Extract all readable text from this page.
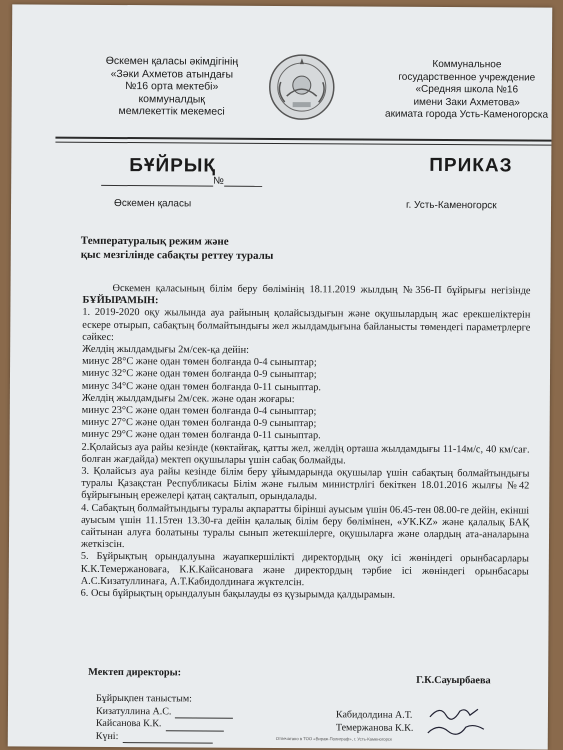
Өскемен қаласы әкімдігінің
«Зәки Ахметов атындағы
№16 орта мектебі»
коммуналдық
мемлекеттік мекемесі
Коммунальное
государственное учреждение
«Средняя школа №16
имени Заки Ахметова»
акимата города Усть-Каменогорска
БҰЙРЫҚ	ПРИКАЗ
№
Өскемен қаласы	г. Усть-Каменогорск
Температуралық режим және
қыс мезгілінде сабақты реттеу туралы

Өскемен қаласының білім беру бөлімінің 18.11.2019 жылдың №356-П бұйрығы негізінде БҰЙЫРАМЫН:

1. 2019-2020 оқу жылында ауа райының қолайсыздығын және оқушылардың жас ерекшеліктерін ескере отырып, сабақтың болмайтындығы жел жылдамдығына байланысты төмендегі параметрлерге сәйкес:

Желдің жылдамдығы 2м/сек-қа дейін:

минус 28°С және одан төмен болғанда 0-4 сыныптар;

минус 32°С және одан төмен болғанда 0-9 сыныптар;

минус 34°С және одан төмен болғанда 0-11 сыныптар.

Желдің жылдамдығы 2м/сек. және одан жоғары:

минус 23°С және одан төмен болғанда 0-4 сыныптар;

минус 27°С және одан төмен болғанда 0-9 сыныптар;

минус 29°С және одан төмен болғанда 0-11 сыныптар.

2.Қолайсыз ауа райы кезінде (көктайғақ, қатты жел, желдің орташа жылдамдығы 11-14м/с, 40 км/сағ. болған жағдайда) мектеп оқушылары үшін сабақ болмайды.

3. Қолайсыз ауа райы кезінде білім беру ұйымдарында оқушылар үшін сабақтың болмайтындығы туралы Қазақстан Республикасы Білім және ғылым министрлігі бекіткен 18.01.2016 жылғы №42 бұйрығының ережелері қатаң сақталып, орындалады.

4. Сабақтың болмайтындығы туралы ақпаратты бірінші ауысым үшін 06.45-тен 08.00-ге дейін, екінші ауысым үшін 11.15тен 13.30-ға дейін қалалық білім беру бөлімінен, «УК.KZ» және қалалық БАҚ сайтынан алуға болатыны туралы сынып жетекшілерге, оқушыларға және олардың ата-аналарына жеткізсін.

5. Бұйрықтың орындалуына жауапкершілікті директордың оқу ісі жөніндегі орынбасарлары К.К.Темержановаға, К.К.Кайсановаға және директордың тәрбие ісі жөніндегі орынбасары А.С.Кизатуллинаға, А.Т.Кабидолдинаға жүктелсін.

6. Осы бұйрықтың орындалуын бақылауды өз қүзырымда қалдырамын.

Мектеп директоры:
Г.К.Сауырбаева
Бұйрықпен таныстым:
Кизатуллина А.С.
Кайсанова К.К.
Күні:
Кабидолдина А.Т.
Темержанова К.К.
Отпечатано в ТОО «Вираж-Полиграф», г. Усть-Каменогорск
